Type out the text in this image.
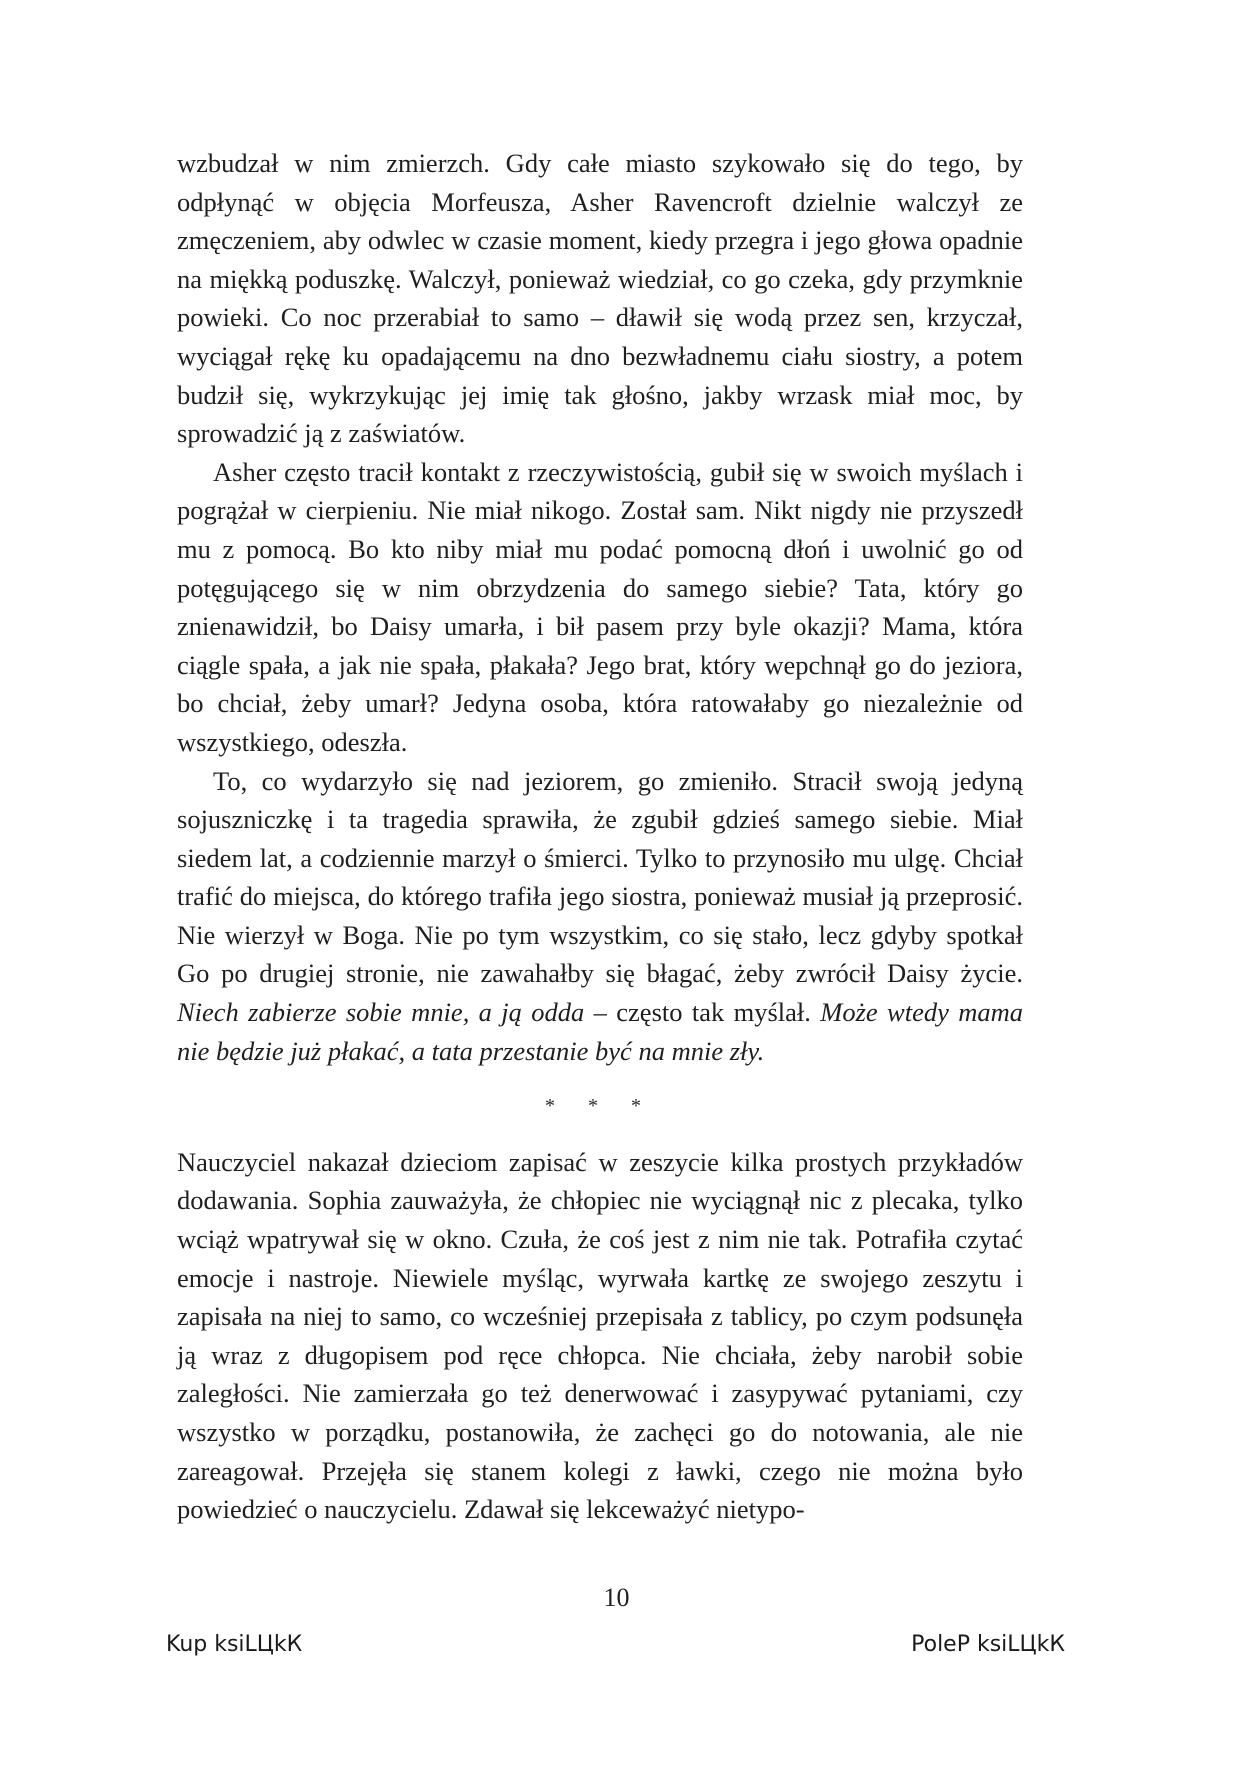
wzbudzał w nim zmierzch. Gdy całe miasto szykowało się do tego, by odpłynąć w objęcia Morfeusza, Asher Ravencroft dzielnie walczył ze zmęczeniem, aby odwlec w czasie moment, kiedy przegra i jego głowa opadnie na miękką poduszkę. Walczył, ponieważ wiedział, co go czeka, gdy przymknie powieki. Co noc przerabiał to samo – dławił się wodą przez sen, krzyczał, wyciągał rękę ku opadającemu na dno bezwładnemu ciału siostry, a potem budził się, wykrzykując jej imię tak głośno, jakby wrzask miał moc, by sprowadzić ją z zaświatów.

Asher często tracił kontakt z rzeczywistością, gubił się w swoich myślach i pogrążał w cierpieniu. Nie miał nikogo. Został sam. Nikt nigdy nie przyszedł mu z pomocą. Bo kto niby miał mu podać pomocną dłoń i uwolnić go od potęgującego się w nim obrzydzenia do samego siebie? Tata, który go znienawidził, bo Daisy umarła, i bił pasem przy byle okazji? Mama, która ciągle spała, a jak nie spała, płakała? Jego brat, który wepchnął go do jeziora, bo chciał, żeby umarł? Jedyna osoba, która ratowałaby go niezależnie od wszystkiego, odeszła.

To, co wydarzyło się nad jeziorem, go zmieniło. Stracił swoją jedyną sojuszniczkę i ta tragedia sprawiła, że zgubił gdzieś samego siebie. Miał siedem lat, a codziennie marzył o śmierci. Tylko to przynosiło mu ulgę. Chciał trafić do miejsca, do którego trafiła jego siostra, ponieważ musiał ją przeprosić. Nie wierzył w Boga. Nie po tym wszystkim, co się stało, lecz gdyby spotkał Go po drugiej stronie, nie zawahałby się błagać, żeby zwrócił Daisy życie. Niech zabierze sobie mnie, a ją odda – często tak myślał. Może wtedy mama nie będzie już płakać, a tata przestanie być na mnie zły.

* * *

Nauczyciel nakazał dzieciom zapisać w zeszycie kilka prostych przykładów dodawania. Sophia zauważyła, że chłopiec nie wyciągnął nic z plecaka, tylko wciąż wpatrywał się w okno. Czuła, że coś jest z nim nie tak. Potrafiła czytać emocje i nastroje. Niewiele myśląc, wyrwała kartkę ze swojego zeszytu i zapisała na niej to samo, co wcześniej przepisała z tablicy, po czym podsunęła ją wraz z długopisem pod ręce chłopca. Nie chciała, żeby narobił sobie zaległości. Nie zamierzała go też denerwować i zasypywać pytaniami, czy wszystko w porządku, postanowiła, że zachęci go do notowania, ale nie zareagował. Przejęła się stanem kolegi z ławki, czego nie można było powiedzieć o nauczycielu. Zdawał się lekceważyć nietypo-

10
Kup ksiLЦkК	PoleР ksiLЦkК
